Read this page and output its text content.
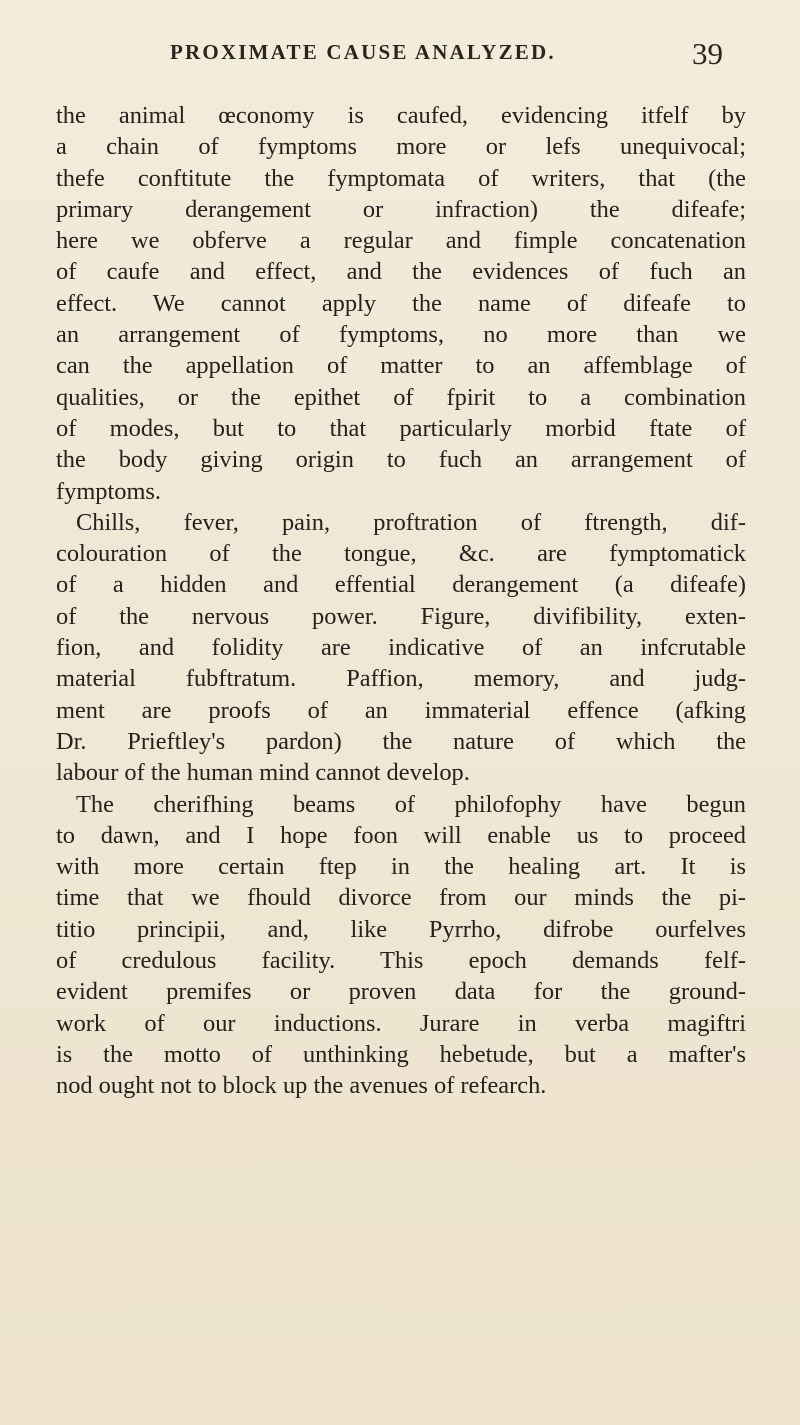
PROXIMATE CAUSE ANALYZED.	39
the animal œconomy is caufed, evidencing itfelf by
a chain of fymptoms more or lefs unequivocal;
thefe conftitute the fymptomata of writers, that (the
primary derangement or infraction) the difeafe;
here we obferve a regular and fimple concatenation
of caufe and effect, and the evidences of fuch an
effect. We cannot apply the name of difeafe to
an arrangement of fymptoms, no more than we
can the appellation of matter to an affemblage of
qualities, or the epithet of fpirit to a combination
of modes, but to that particularly morbid ftate of
the body giving origin to fuch an arrangement of
fymptoms.
Chills, fever, pain, proftration of ftrength, dif-
colouration of the tongue, &c. are fymptomatick
of a hidden and effential derangement (a difeafe)
of the nervous power. Figure, divifibility, exten-
fion, and folidity are indicative of an infcrutable
material fubftratum. Paffion, memory, and judg-
ment are proofs of an immaterial effence (afking
Dr. Prieftley's pardon) the nature of which the
labour of the human mind cannot develop.
The cherifhing beams of philofophy have begun
to dawn, and I hope foon will enable us to proceed
with more certain ftep in the healing art. It is
time that we fhould divorce from our minds the pi-
titio principii, and, like Pyrrho, difrobe ourfelves
of credulous facility. This epoch demands felf-
evident premifes or proven data for the ground-
work of our inductions. Jurare in verba magiftri
is the motto of unthinking hebetude, but a mafter's
nod ought not to block up the avenues of refearch.
